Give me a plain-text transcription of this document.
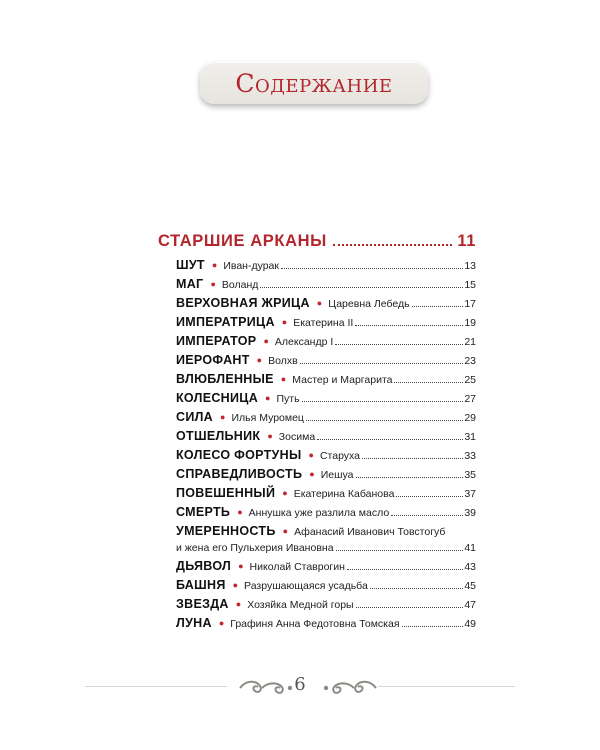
Содержание
СТАРШИЕ АРКАНЫ	11
ШУТ ● Иван-дурак	13
МАГ ● Воланд	15
ВЕРХОВНАЯ ЖРИЦА ● Царевна Лебедь	17
ИМПЕРАТРИЦА ● Екатерина II	19
ИМПЕРАТОР ● Александр I	21
ИЕРОФАНТ ● Волхв	23
ВЛЮБЛЕННЫЕ ● Мастер и Маргарита	25
КОЛЕСНИЦА ● Путь	27
СИЛА ● Илья Муромец	29
ОТШЕЛЬНИК ● Зосима	31
КОЛЕСО ФОРТУНЫ ● Старуха	33
СПРАВЕДЛИВОСТЬ ● Иешуа	35
ПОВЕШЕННЫЙ ● Екатерина Кабанова	37
СМЕРТЬ ● Аннушка уже разлила масло	39
УМЕРЕННОСТЬ ● Афанасий Иванович Товстогуб
и жена его Пульхерия Ивановна	41
ДЬЯВОЛ ● Николай Ставрогин	43
БАШНЯ ● Разрушающаяся усадьба	45
ЗВЕЗДА ● Хозяйка Медной горы	47
ЛУНА ● Графиня Анна Федотовна Томская	49
6
